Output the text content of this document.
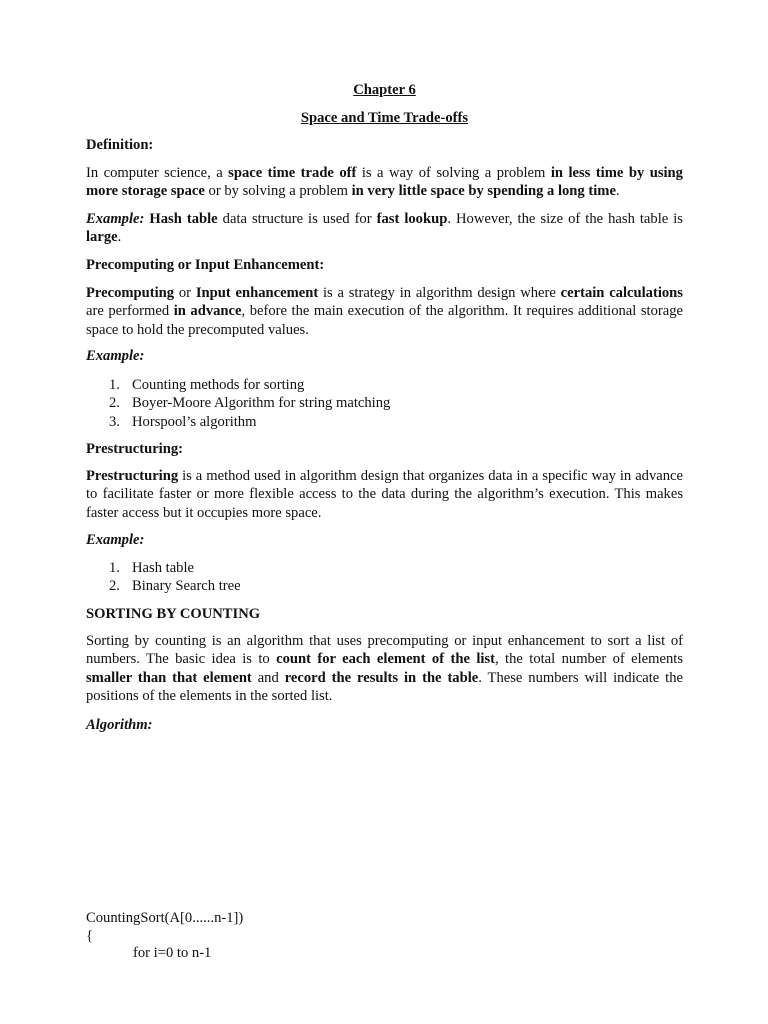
Chapter 6
Space and Time Trade-offs
Definition:
In computer science, a space time trade off is a way of solving a problem in less time by using more storage space or by solving a problem in very little space by spending a long time.
Example: Hash table data structure is used for fast lookup. However, the size of the hash table is large.
Precomputing or Input Enhancement:
Precomputing or Input enhancement is a strategy in algorithm design where certain calculations are performed in advance, before the main execution of the algorithm. It requires additional storage space to hold the precomputed values.
Example:
1. Counting methods for sorting
2. Boyer-Moore Algorithm for string matching
3. Horspool’s algorithm
Prestructuring:
Prestructuring is a method used in algorithm design that organizes data in a specific way in advance to facilitate faster or more flexible access to the data during the algorithm’s execution. This makes faster access but it occupies more space.
Example:
1. Hash table
2. Binary Search tree
SORTING BY COUNTING
Sorting by counting is an algorithm that uses precomputing or input enhancement to sort a list of numbers. The basic idea is to count for each element of the list, the total number of elements smaller than that element and record the results in the table. These numbers will indicate the positions of the elements in the sorted list.
Algorithm:
CountingSort(A[0......n-1])
{
for i=0 to n-1
